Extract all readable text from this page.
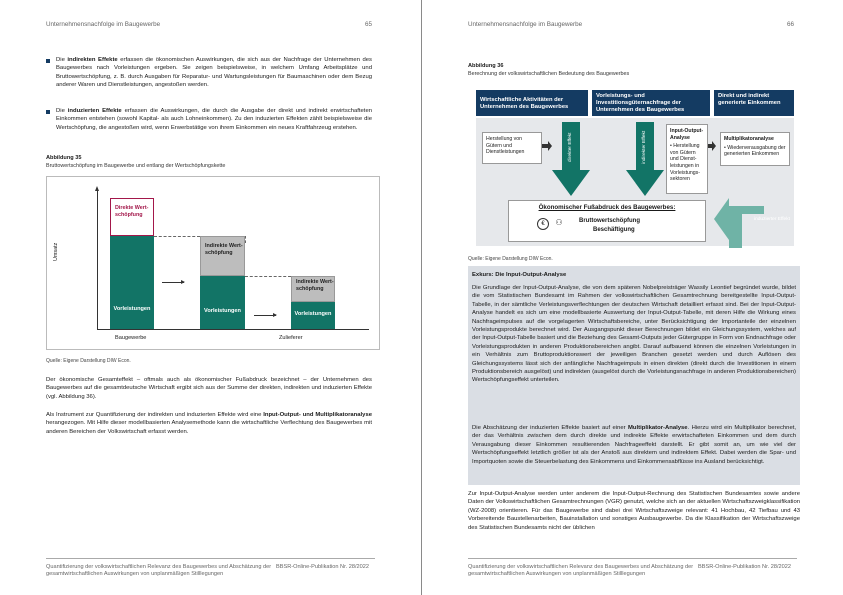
Unternehmensnachfolge im Baugewerbe	65
Die indirekten Effekte erfassen die ökonomischen Auswirkungen, die sich aus der Nachfrage der Unternehmen des Baugewerbes nach Vorleistungen ergeben. Sie zeigen beispielsweise, in welchem Umfang Arbeitsplätze und Bruttowertschöpfung, z. B. durch Ausgaben für Reparatur- und Wartungsleistungen für Baumaschinen oder dem Bezug anderer Waren und Dienstleistungen, angestoßen werden.
Die induzierten Effekte erfassen die Auswirkungen, die durch die Ausgabe der direkt und indirekt erwirtschafteten Einkommen entstehen (sowohl Kapital- als auch Lohneinkommen). Zu den induzierten Effekten zählt beispielsweise die Wertschöpfung, die angestoßen wird, wenn Erwerbstätige von ihrem Einkommen ein neues Kraftfahrzeug erstehen.
Abbildung 35
Bruttowertschöpfung im Baugewerbe und entlang der Wertschöpfungskette
Umsatz
Direkte Wert-schöpfung
Vorleistungen
Indirekte Wert-schöpfung
Vorleistungen
Indirekte Wert-schöpfung
Vorleistungen
Baugewerbe	Zulieferer
Quelle: Eigene Darstellung DIW Econ.
Der ökonomische Gesamteffekt – oftmals auch als ökonomischer Fußabdruck bezeichnet – der Unternehmen des Baugewerbes auf die gesamtdeutsche Wirtschaft ergibt sich aus der Summe der direkten, indirekten und induzierten Effekte (vgl. Abbildung 36).
Als Instrument zur Quantifizierung der indirekten und induzierten Effekte wird eine Input-Output- und Multiplikatoranalyse herangezogen. Mit Hilfe dieser modellbasierten Analysemethode kann die wirtschaftliche Verflechtung des Baugewerbes mit anderen Bereichen der Volkswirtschaft erfasst werden.
Quantifizierung der volkswirtschaftlichen Relevanz des Baugewerbes und Abschätzung der gesamtwirtschaftlichen Auswirkungen von unplanmäßigen Stilllegungen
BBSR-Online-Publikation Nr. 28/2022
Unternehmensnachfolge im Baugewerbe	66
Abbildung 36
Berechnung der volkswirtschaftlichen Bedeutung des Baugewerbes
Wirtschaftliche Aktivitäten der Unternehmen des Baugewerbes
Vorleistungs- und Investitionsgüternachfrage der Unternehmen des Baugewerbes
Direkt und indirekt generierte Einkommen
Herstellung von Gütern und Dienstleistungen
Input-Output-Analyse
• Herstellung von Gütern und Dienst-leistungen in Vorleistungs-sektoren
Multiplikatoranalyse
• Wiederverausgabung der generierten Einkommen
direkter Effekt	indirekter Effekt
induzierter Effekt
Ökonomischer Fußabdruck des Baugewerbes:
€	⚇	Bruttowertschöpfung
Beschäftigung
Quelle: Eigene Darstellung DIW Econ.
Exkurs: Die Input-Output-Analyse
Die Grundlage der Input-Output-Analyse, die von dem späteren Nobelpreisträger Wassily Leontief begründet wurde, bildet die vom Statistischen Bundesamt im Rahmen der volkswirtschaftlichen Gesamtrechnung bereitgestellte Input-Output-Tabelle, in der sämtliche Verleistungsverflechtungen der deutschen Wirtschaft detailliert erfasst sind. Bei der Input-Output-Analyse handelt es sich um eine modellbasierte Auswertung der Input-Output-Tabelle, mit deren Hilfe die Wirkung eines Nachfrageimpulses auf die vorgelagerten Wirtschaftsbereiche, unter Berücksichtigung der Importanteile der einzelnen Vorleistungsprodukte berechnet wird. Der Ausgangspunkt dieser Berechnungen bildet ein Gleichungssystem, welches auf der Input-Output-Tabelle basiert und die Beziehung des Gesamt-Outputs jeder Gütergruppe in Form von Endnachfrage oder Vorleistungsprodukten in anderen Produktionsbereichen angibt. Darauf aufbauend können die einzelnen Vorleistungen in ein Verhältnis zum Bruttoproduktionswert der jeweiligen Branchen gesetzt werden und durch Auflösen des Gleichungssystems lässt sich der anfängliche Nachfrageimpuls in einen direkten (direkt durch die Investitionen in einem Produktionsbereich ausgelöst) und indirekten (ausgelöst durch die Vorleistungsnachfrage in anderen Produktionsbereichen) Wertschöpfungseffekt unterteilen.
Die Abschätzung der induzierten Effekte basiert auf einer Multiplikator-Analyse. Hierzu wird ein Multiplikator berechnet, der das Verhältnis zwischen dem durch direkte und indirekte Effekte erwirtschafteten Einkommen und dem durch Verausgabung dieser Einkommen resultierenden Nachfrageeffekt darstellt. Er gibt somit an, um wie viel der Wertschöpfungseffekt letztlich größer ist als der Anstoß aus direktem und indirektem Effekt. Dabei werden die Spar- und Importquoten sowie die Steuerbelastung des Einkommens und Einkommensabflüsse ins Ausland berücksichtigt.
Zur Input-Output-Analyse werden unter anderem die Input-Output-Rechnung des Statistischen Bundesamtes sowie andere Daten der Volkswirtschaftlichen Gesamtrechnungen (VGR) genutzt, welche sich an der aktuellen Wirtschaftszweigklassifikation (WZ-2008) orientieren. Für das Baugewerbe sind dabei drei Wirtschaftszweige relevant: 41 Hochbau, 42 Tiefbau und 43 Vorbereitende Baustellenarbeiten, Bauinstallation und sonstiges Ausbaugewerbe. Da die Klassifikation der Wirtschaftszweige des Statistischen Bundesamts nicht der üblichen
Quantifizierung der volkswirtschaftlichen Relevanz des Baugewerbes und Abschätzung der gesamtwirtschaftlichen Auswirkungen von unplanmäßigen Stilllegungen
BBSR-Online-Publikation Nr. 28/2022
